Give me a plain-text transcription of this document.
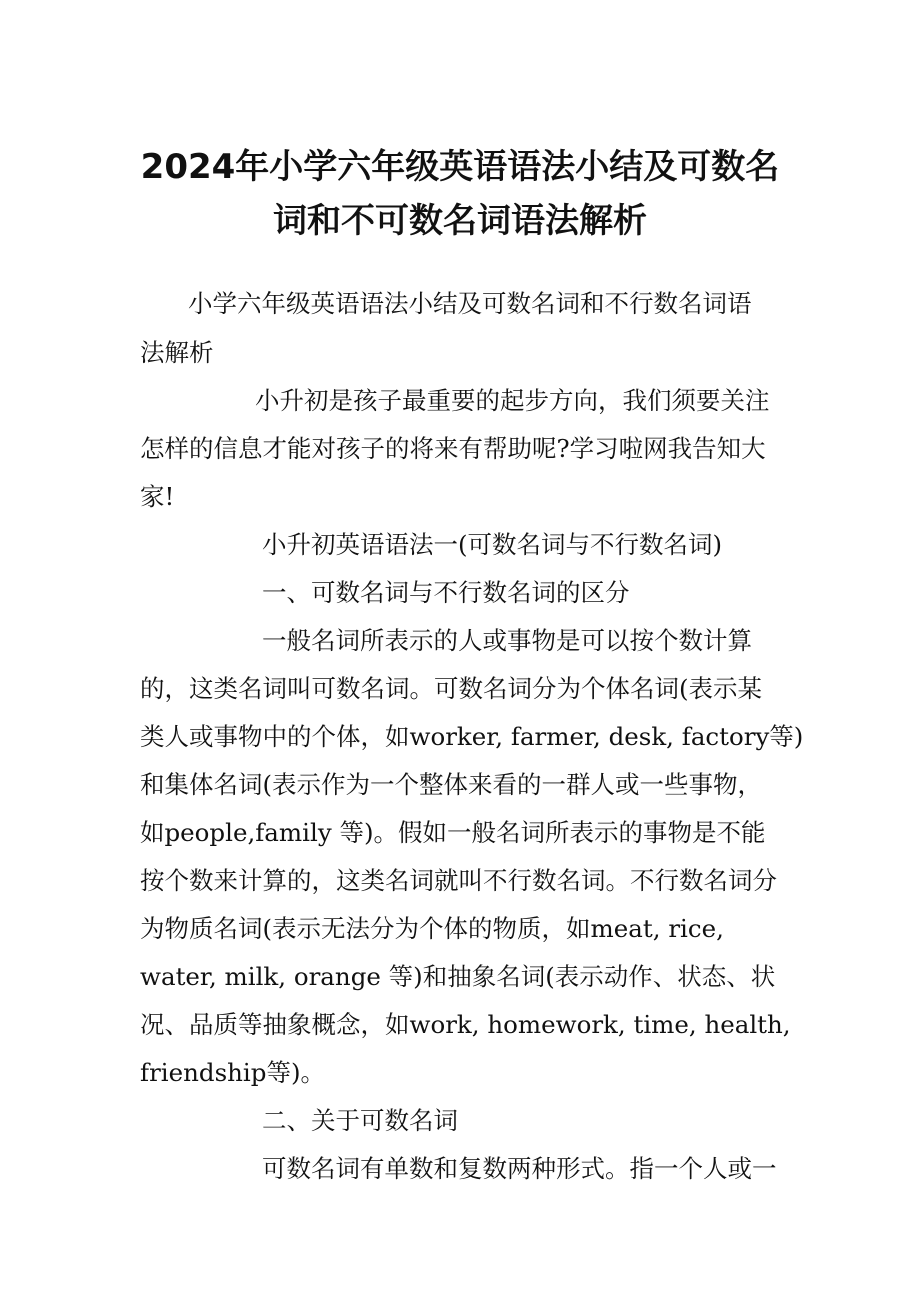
2024年小学六年级英语语法小结及可数名
词和不可数名词语法解析

小学六年级英语语法小结及可数名词和不行数名词语

法解析

小升初是孩子最重要的起步方向，我们须要关注

怎样的信息才能对孩子的将来有帮助呢?学习啦网我告知大

家!

小升初英语语法一(可数名词与不行数名词)

一、可数名词与不行数名词的区分

一般名词所表示的人或事物是可以按个数计算

的，这类名词叫可数名词。可数名词分为个体名词(表示某

类人或事物中的个体，如worker, farmer, desk, factory等)

和集体名词(表示作为一个整体来看的一群人或一些事物，

如people,family 等)。假如一般名词所表示的事物是不能

按个数来计算的，这类名词就叫不行数名词。不行数名词分

为物质名词(表示无法分为个体的物质，如meat, rice,

water, milk, orange 等)和抽象名词(表示动作、状态、状

况、品质等抽象概念，如work, homework, time, health,

friendship等)。

二、关于可数名词

可数名词有单数和复数两种形式。指一个人或一
